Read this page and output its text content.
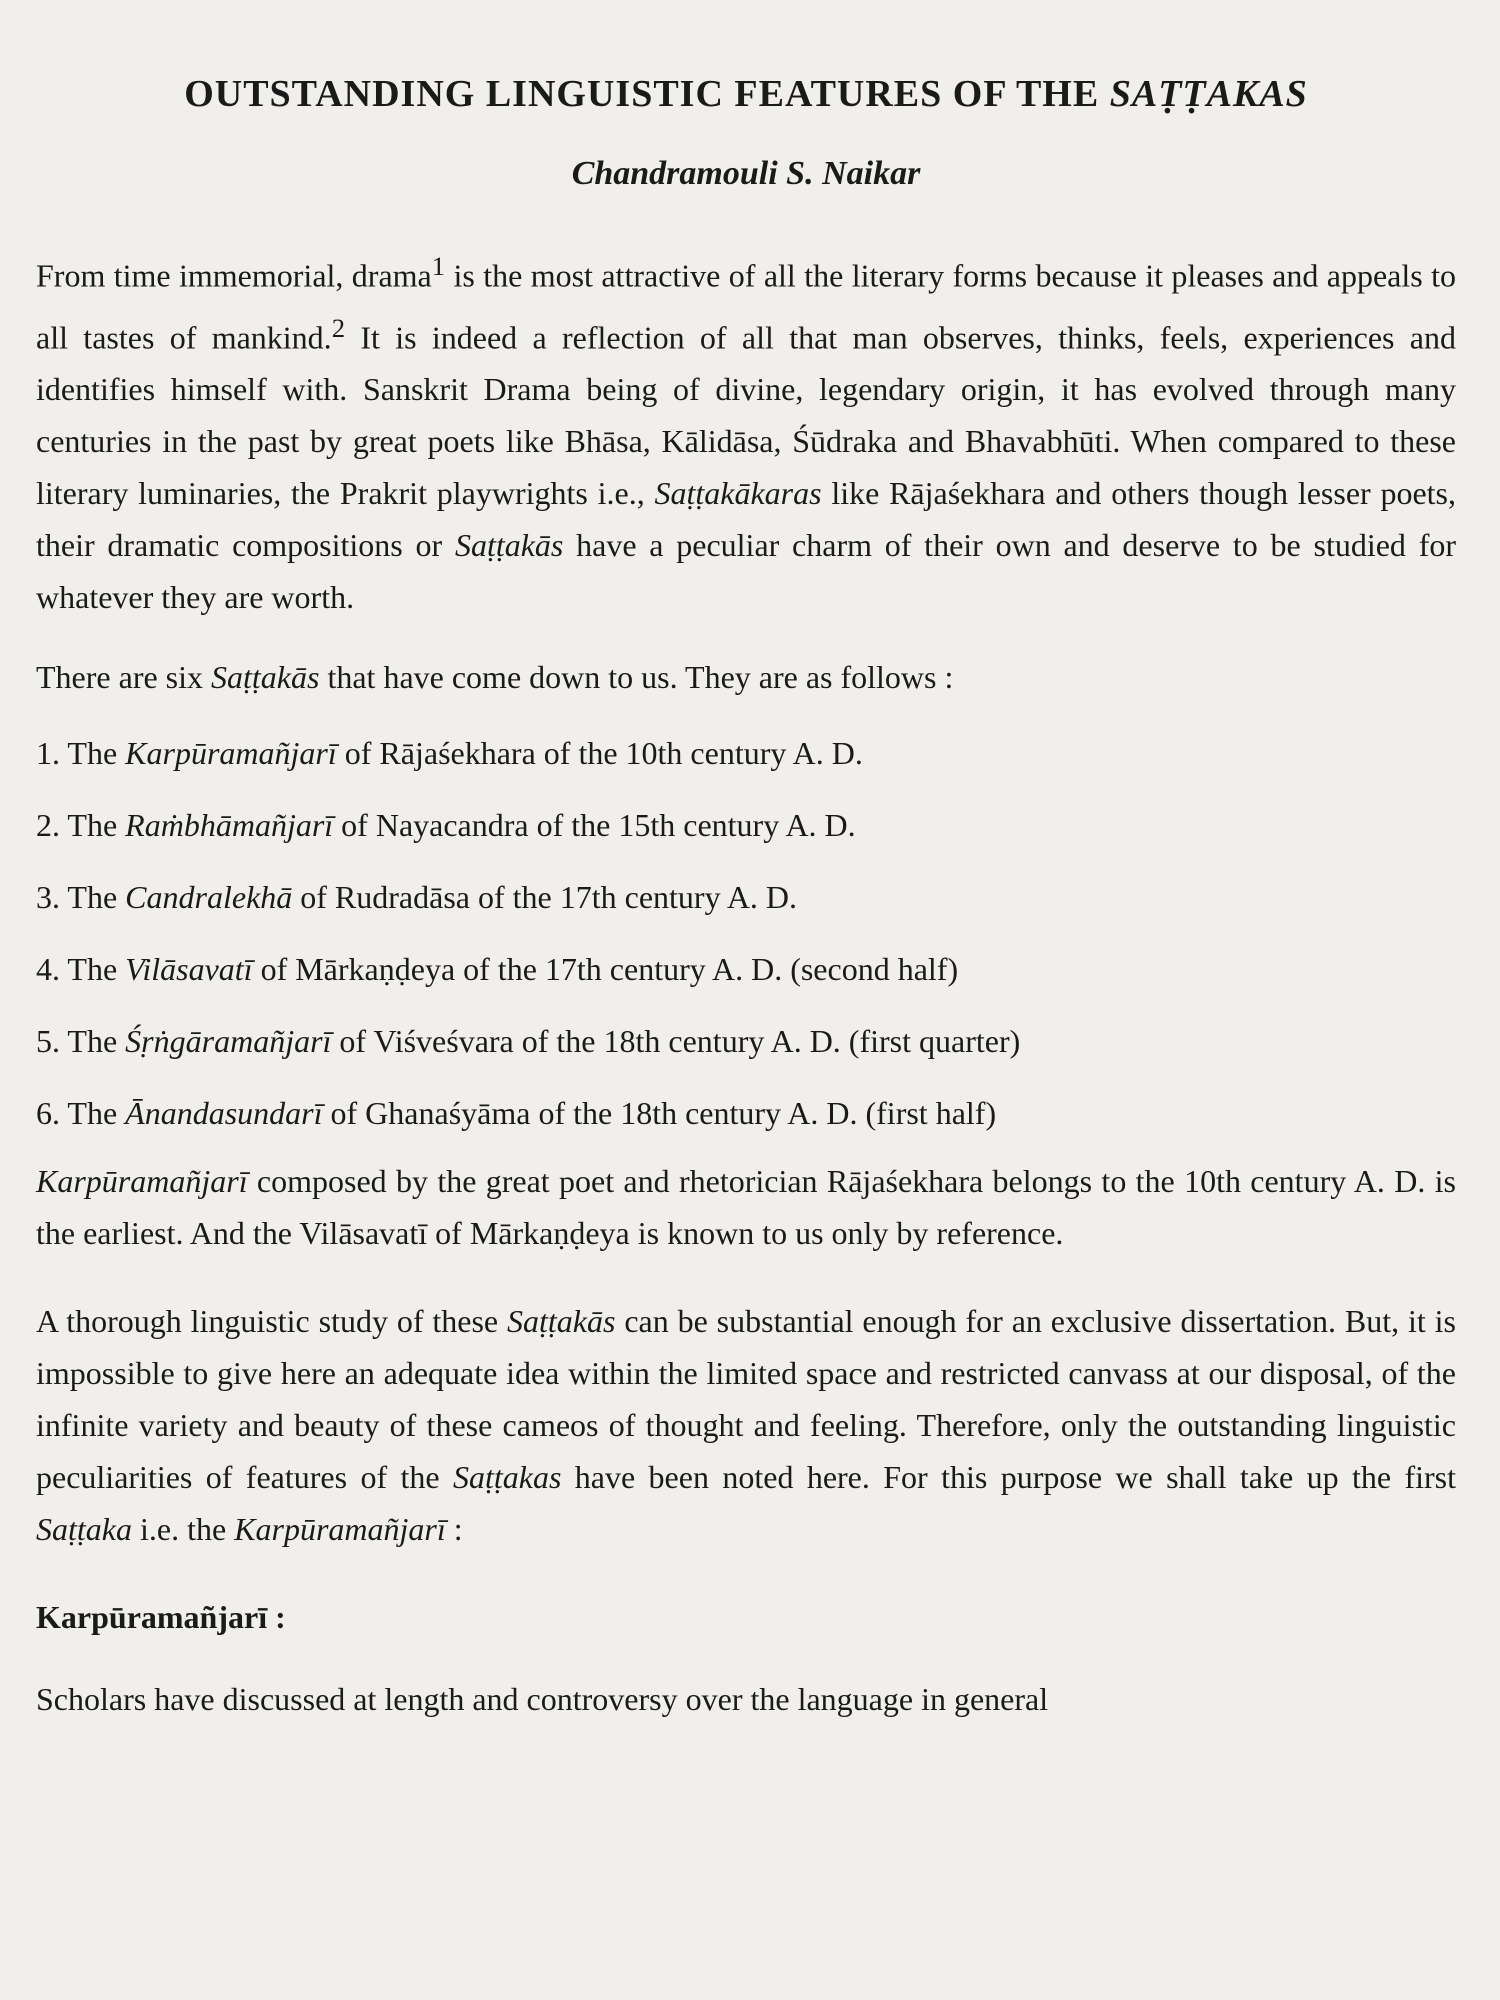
OUTSTANDING LINGUISTIC FEATURES OF THE SAṬṬAKAS
Chandramouli S. Naikar

From time immemorial, drama$^1$ is the most attractive of all the literary forms because it pleases and appeals to all tastes of mankind.$^2$ It is indeed a reflection of all that man observes, thinks, feels, experiences and identifies himself with. Sanskrit Drama being of divine, legendary origin, it has evolved through many centuries in the past by great poets like Bhāsa, Kālidāsa, Śūdraka and Bhavabhūti. When compared to these literary luminaries, the Prakrit playwrights i.e., Saṭṭakākaras like Rājaśekhara and others though lesser poets, their dramatic compositions or Saṭṭakās have a peculiar charm of their own and deserve to be studied for whatever they are worth.

There are six Saṭṭakās that have come down to us. They are as follows :

1. The Karpūramañjarī of Rājaśekhara of the 10th century A. D.
2. The Raṁbhāmañjarī of Nayacandra of the 15th century A. D.
3. The Candralekhā of Rudradāsa of the 17th century A. D.
4. The Vilāsavatī of Mārkaṇḍeya of the 17th century A. D. (second half)
5. The Śṛṅgāramañjarī of Viśveśvara of the 18th century A. D. (first quarter)
6. The Ānandasundarī of Ghanaśyāma of the 18th century A. D. (first half)

Karpūramañjarī composed by the great poet and rhetorician Rājaśekhara belongs to the 10th century A. D. is the earliest. And the Vilāsavatī of Mārkaṇḍeya is known to us only by reference.

A thorough linguistic study of these Saṭṭakās can be substantial enough for an exclusive dissertation. But, it is impossible to give here an adequate idea within the limited space and restricted canvass at our disposal, of the infinite variety and beauty of these cameos of thought and feeling. Therefore, only the outstanding linguistic peculiarities of features of the Saṭṭakas have been noted here. For this purpose we shall take up the first Saṭṭaka i.e. the Karpūramañjarī :

Karpūramañjarī :

Scholars have discussed at length and controversy over the language in general
